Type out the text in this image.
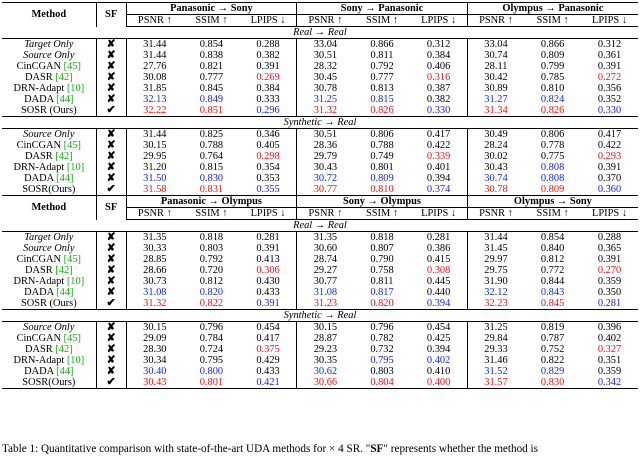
Method	SF	Panasonic → Sony			Sony → Panasonic			Olympus → Panasonic		
		PSNR ↑	SSIM ↑	LPIPS ↓	PSNR ↑	SSIM ↑	LPIPS ↓	PSNR ↑	SSIM ↑	LPIPS ↓
Real → Real										
Target Only	✘	31.44	0.854	0.288	33.04	0.866	0.312	33.04	0.866	0.312
Source Only	✘	31.44	0.838	0.382	30.51	0.811	0.384	30.74	0.809	0.361
CinCGAN [45]	✘	27.76	0.821	0.391	28.32	0.792	0.406	28.11	0.799	0.391
DASR [42]	✘	30.08	0.777	0.269	30.45	0.777	0.316	30.42	0.785	0.272
DRN-Adapt [10]	✘	31.85	0.845	0.384	30.78	0.813	0.387	30.89	0.810	0.356
DADA [44]	✘	32.13	0.849	0.333	31.25	0.815	0.382	31.27	0.824	0.352
SOSR (Ours)	✔	32.22	0.851	0.296	31.32	0.826	0.330	31.34	0.826	0.330
Synthetic → Real										
Source Only	✘	31.44	0.825	0.346	30.51	0.806	0.417	30.49	0.806	0.417
CinCGAN [45]	✘	30.15	0.788	0.405	28.36	0.788	0.422	28.24	0.778	0.422
DASR [42]	✘	29.95	0.764	0.298	29.79	0.749	0.339	30.02	0.775	0.293
DRN-Adapt [10]	✘	31.20	0.815	0.354	30.43	0.801	0.401	30.43	0.808	0.391
DADA [44]	✘	31.50	0.830	0.353	30.72	0.809	0.394	30.74	0.808	0.370
SOSR(Ours)	✔	31.58	0.831	0.355	30.77	0.810	0.374	30.78	0.809	0.360
Method	SF	Panasonic → Olympus			Sony → Olympus			Olympus → Sony		
		PSNR ↑	SSIM ↑	LPIPS ↓	PSNR ↑	SSIM ↑	LPIPS ↓	PSNR ↑	SSIM ↑	LPIPS ↓
Real → Real										
Target Only	✘	31.35	0.818	0.281	31.35	0.818	0.281	31.44	0.854	0.288
Source Only	✘	30.33	0.803	0.391	30.60	0.807	0.386	31.45	0.840	0.365
CinCGAN [45]	✘	28.85	0.792	0.413	28.74	0.790	0.415	29.97	0.812	0.391
DASR [42]	✘	28.66	0.720	0.306	29.27	0.758	0.308	29.75	0.772	0.270
DRN-Adapt [10]	✘	30.73	0.812	0.430	30.77	0.811	0.445	31.90	0.844	0.359
DADA [44]	✘	31.08	0.820	0.433	31.08	0.817	0.440	32.12	0.843	0.350
SOSR (Ours)	✔	31.32	0.822	0.391	31.23	0.820	0.394	32.23	0.845	0.281
Synthetic → Real										
Source Only	✘	30.15	0.796	0.454	30.15	0.796	0.454	31.25	0.819	0.396
CinCGAN [45]	✘	29.09	0.784	0.417	28.87	0.782	0.425	29.84	0.787	0.402
DASR [42]	✘	28.30	0.724	0.375	29.23	0.732	0.394	29.33	0.752	0.327
DRN-Adapt [10]	✘	30.34	0.795	0.429	30.35	0.795	0.402	31.46	0.822	0.351
DADA [44]	✘	30.40	0.800	0.433	30.62	0.803	0.410	31.52	0.829	0.359
SOSR(Ours)	✔	30.43	0.801	0.421	30.66	0.804	0.400	31.57	0.830	0.342
Table 1: Quantitative comparison with state-of-the-art UDA methods for × 4 SR. "SF" represents whether the method is
